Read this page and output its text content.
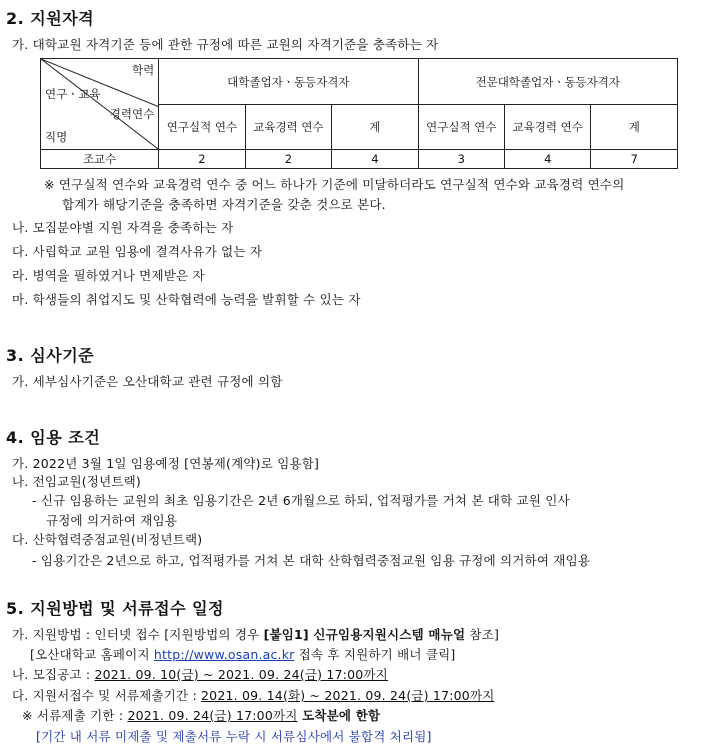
2. 지원자격
가. 대학교원 자격기준 등에 관한 규정에 따른 교원의 자격기준을 충족하는 자
학력
연구ㆍ교육
경력연수
직명	대학졸업자ㆍ동등자격자			전문대학졸업자ㆍ동등자격자		
	연구실적 연수	교육경력 연수	계	연구실적 연수	교육경력 연수	계
조교수	2	2	4	3	4	7
※ 연구실적 연수와 교육경력 연수 중 어느 하나가 기준에 미달하더라도 연구실적 연수와 교육경력 연수의
합계가 해당기준을 충족하면 자격기준을 갖춘 것으로 본다.
나. 모집분야별 지원 자격을 충족하는 자
다. 사립학교 교원 임용에 결격사유가 없는 자
라. 병역을 필하였거나 면제받은 자
마. 학생들의 취업지도 및 산학협력에 능력을 발휘할 수 있는 자
3. 심사기준
가. 세부심사기준은 오산대학교 관련 규정에 의함
4. 임용 조건
가. 2022년 3월 1일 임용예정 [연봉제(계약)로 임용함]
나. 전임교원(정년트랙)
- 신규 임용하는 교원의 최초 임용기간은 2년 6개월으로 하되, 업적평가를 거쳐 본 대학 교원 인사
규정에 의거하여 재임용
다. 산학협력중점교원(비정년트랙)
- 임용기간은 2년으로 하고, 업적평가를 거쳐 본 대학 산학협력중점교원 임용 규정에 의거하여 재임용
5. 지원방법 및 서류접수 일정
가. 지원방법 : 인터넷 접수 [지원방법의 경우 [붙임1] 신규임용지원시스템 매뉴얼 참조]
[오산대학교 홈페이지 http://www.osan.ac.kr 접속 후 지원하기 배너 클릭]
나. 모집공고 : 2021. 09. 10(금) ~ 2021. 09. 24(금) 17:00까지
다. 지원서접수 및 서류제출기간 : 2021. 09. 14(화) ~ 2021. 09. 24(금) 17:00까지
※ 서류제출 기한 : 2021. 09. 24(금) 17:00까지 도착분에 한함
[기간 내 서류 미제출 및 제출서류 누락 시 서류심사에서 불합격 처리됨]
